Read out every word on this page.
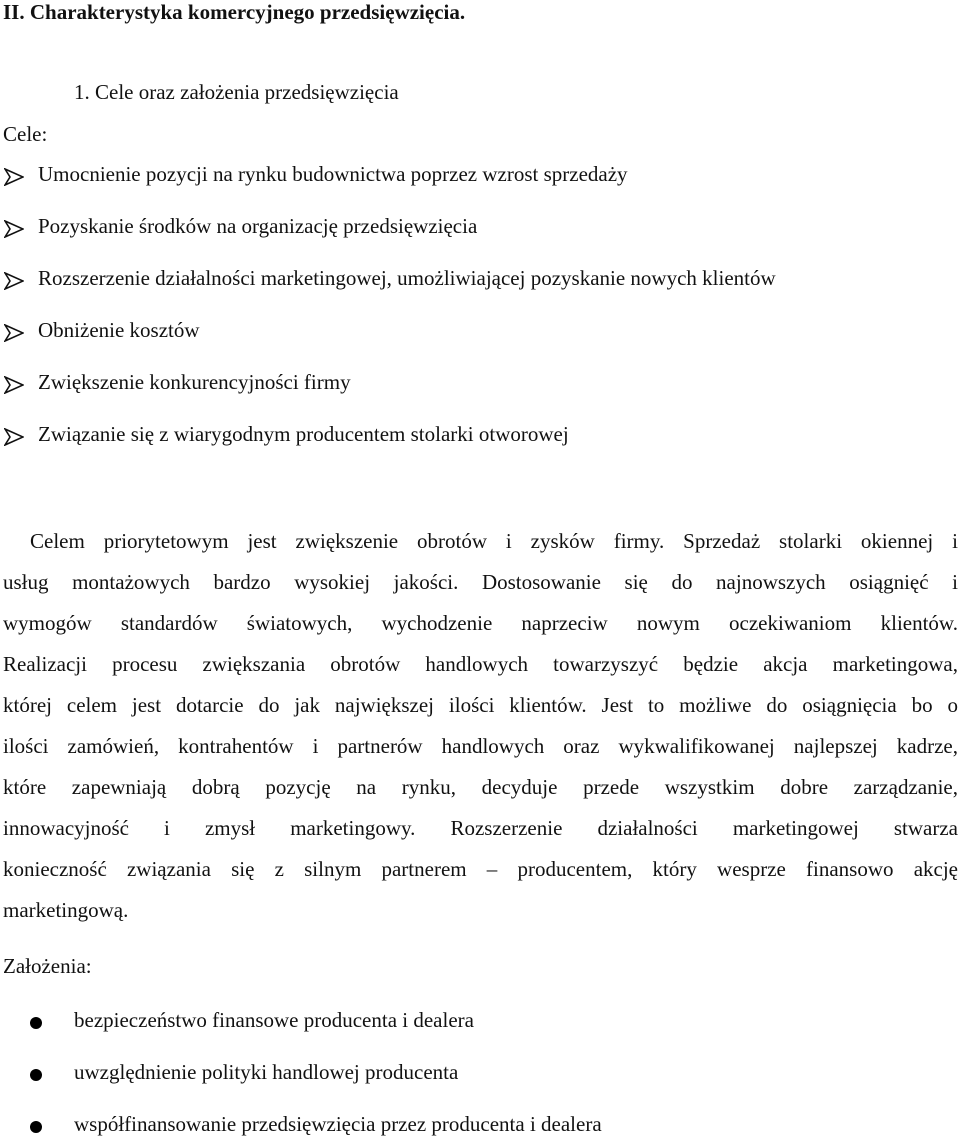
II. Charakterystyka komercyjnego przedsięwzięcia.
1. Cele oraz założenia przedsięwzięcia
Cele:
Umocnienie pozycji na rynku budownictwa poprzez wzrost sprzedaży
Pozyskanie środków na organizację przedsięwzięcia
Rozszerzenie działalności marketingowej, umożliwiającej pozyskanie nowych klientów
Obniżenie kosztów
Zwiększenie konkurencyjności firmy
Związanie się z wiarygodnym producentem stolarki otworowej
Celem priorytetowym jest zwiększenie obrotów i zysków firmy. Sprzedaż stolarki okiennej i
usług montażowych bardzo wysokiej jakości. Dostosowanie się do najnowszych osiągnięć i
wymogów standardów światowych, wychodzenie naprzeciw nowym oczekiwaniom klientów.
Realizacji procesu zwiększania obrotów handlowych towarzyszyć będzie akcja marketingowa,
której celem jest dotarcie do jak największej ilości klientów. Jest to możliwe do osiągnięcia bo o
ilości zamówień, kontrahentów i partnerów handlowych oraz wykwalifikowanej najlepszej kadrze,
które zapewniają dobrą pozycję na rynku, decyduje przede wszystkim dobre zarządzanie,
innowacyjność i zmysł marketingowy. Rozszerzenie działalności marketingowej stwarza
konieczność związania się z silnym partnerem – producentem, który wesprze finansowo akcję
marketingową.
Założenia:
bezpieczeństwo finansowe producenta i dealera
uwzględnienie polityki handlowej producenta
współfinansowanie przedsięwzięcia przez producenta i dealera
